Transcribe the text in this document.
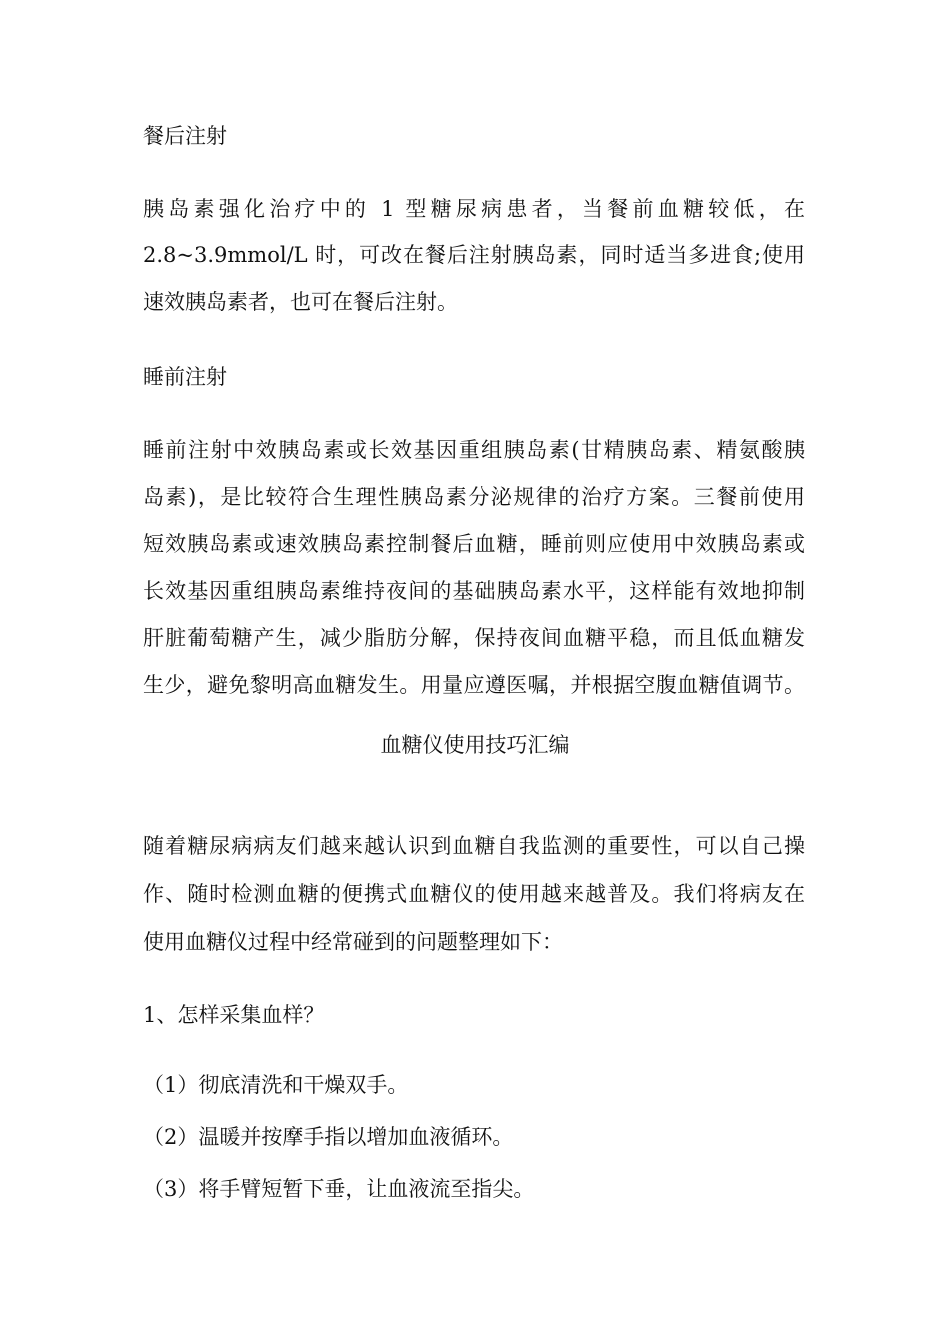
餐后注射
胰岛素强化治疗中的 1 型糖尿病患者，当餐前血糖较低，在
2.8~3.9mmol/L 时，可改在餐后注射胰岛素，同时适当多进食;使用
速效胰岛素者，也可在餐后注射。
睡前注射
睡前注射中效胰岛素或长效基因重组胰岛素(甘精胰岛素、精氨酸胰
岛素)，是比较符合生理性胰岛素分泌规律的治疗方案。三餐前使用
短效胰岛素或速效胰岛素控制餐后血糖，睡前则应使用中效胰岛素或
长效基因重组胰岛素维持夜间的基础胰岛素水平，这样能有效地抑制
肝脏葡萄糖产生，减少脂肪分解，保持夜间血糖平稳，而且低血糖发
生少，避免黎明高血糖发生。用量应遵医嘱，并根据空腹血糖值调节。
血糖仪使用技巧汇编
随着糖尿病病友们越来越认识到血糖自我监测的重要性，可以自己操
作、随时检测血糖的便携式血糖仪的使用越来越普及。我们将病友在
使用血糖仪过程中经常碰到的问题整理如下：
1、怎样采集血样？
（1）彻底清洗和干燥双手。
（2）温暖并按摩手指以增加血液循环。
（3）将手臂短暂下垂，让血液流至指尖。
